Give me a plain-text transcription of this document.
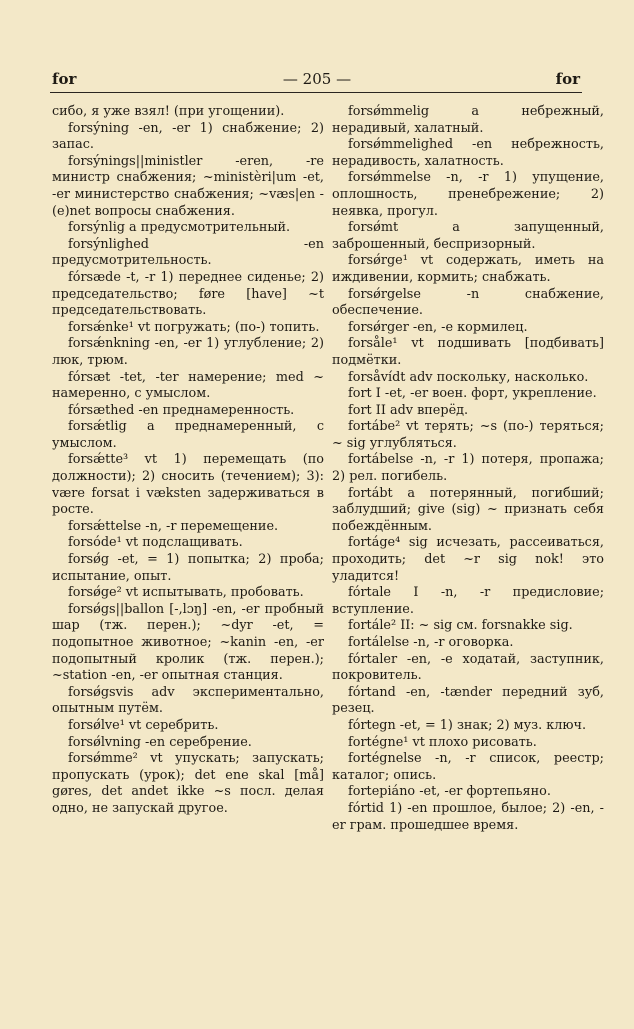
for	— 205 —	for

сибо, я уже взял! (при угощении).

forsýning -en, -er 1) снабжение; 2) запас.

forsýnings||ministler -eren, -re министр снабжения; ~ministèri|um -et, -er министерство снабжения; ~væs|en -(e)net вопросы снабжения.

forsýnlig a предусмотрительный.

forsýnlighed -en предусмотрительность.

fórsæde -t, -r 1) переднее сиденье; 2) председательство; føre [have] ~t председательствовать.

forsǽnke¹ vt погружать; (по-) топить.

forsǽnkning -en, -er 1) углубление; 2) люк, трюм.

fórsæt -tet, -ter намерение; med ~ намеренно, с умыслом.

fórsæthed -en преднамеренность.

forsǽtlig a преднамеренный, с умыслом.

forsǽtte³ vt 1) перемещать (по должности); 2) сносить (течением); 3): være forsat i væksten задерживаться в росте.

forsǽttelse -n, -r перемещение.

forsóde¹ vt подслащивать.

forsǿg -et, = 1) попытка; 2) проба; испытание, опыт.

forsǿge² vt испытывать, пробовать.

forsǿgs||ballon [-,lɔŋ] -en, -er пробный шар (тж. перен.); ~dyr -et, = подопытное животное; ~kanin -en, -er подопытный кролик (тж. перен.); ~station -en, -er опытная станция.

forsǿgsvis adv экспериментально, опытным путём.

forsǿlve¹ vt серебрить.

forsǿlvning -en серебрение.

forsǿmme² vt упускать; запускать; пропускать (урок); det ene skal [må] gøres, det andet ikke ~s посл. делая одно, не запускай другое.

forsǿmmelig a небрежный, нерадивый, халатный.

forsǿmmelighed -en небрежность, нерадивость, халатность.

forsǿmmelse -n, -r 1) упущение, оплошность, пренебрежение; 2) неявка, прогул.

forsǿmt a запущенный, заброшенный, беспризорный.

forsǿrge¹ vt содержать, иметь на иждивении, кормить; снабжать.

forsǿrgelse -n снабжение, обеспечение.

forsǿrger -en, -e кормилец.

forsåle¹ vt подшивать [подбивать] подмётки.

forsåvídt adv поскольку, насколько.

fort I -et, -er воен. форт, укрепление.

fort II adv вперёд.

fortábe² vt терять; ~s (по-) теряться; ~ sig углубляться.

fortábelse -n, -r 1) потеря, пропажа; 2) рел. погибель.

fortábt a потерянный, погибший; заблудший; give (sig) ~ признать себя побеждённым.

fortáge⁴ sig исчезать, рассеиваться, проходить; det ~r sig nok! это уладится!

fórtale I -n, -r предисловие; вступление.

fortále² II: ~ sig см. forsnakke sig.

fortálelse -n, -r оговорка.

fórtaler -en, -e ходатай, заступник, покровитель.

fórtand -en, -tænder передний зуб, резец.

fórtegn -et, = 1) знак; 2) муз. ключ.

fortégne¹ vt плохо рисовать.

fortégnelse -n, -r список, реестр; каталог; опись.

fortepiáno -et, -er фортепьяно.

fórtid 1) -en прошлое, былое; 2) -en, -er грам. прошедшее время.
